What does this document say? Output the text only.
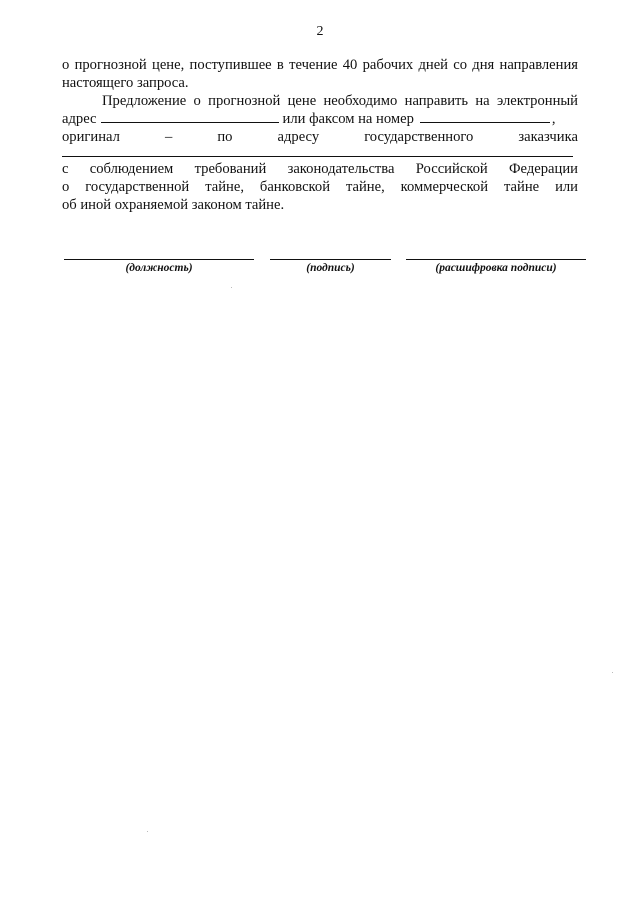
2
о прогнозной цене, поступившее в течение 40 рабочих дней со дня направления
настоящего запроса.
Предложение о прогнозной цене необходимо направить на электронный
адрес	или факсом на номер	,
оригинал	–	по	адресу	государственного	заказчика
с соблюдением требований законодательства Российской Федерации
о государственной тайне, банковской тайне, коммерческой тайне или
об иной охраняемой законом тайне.
(должность)	(подпись)	(расшифровка подписи)
